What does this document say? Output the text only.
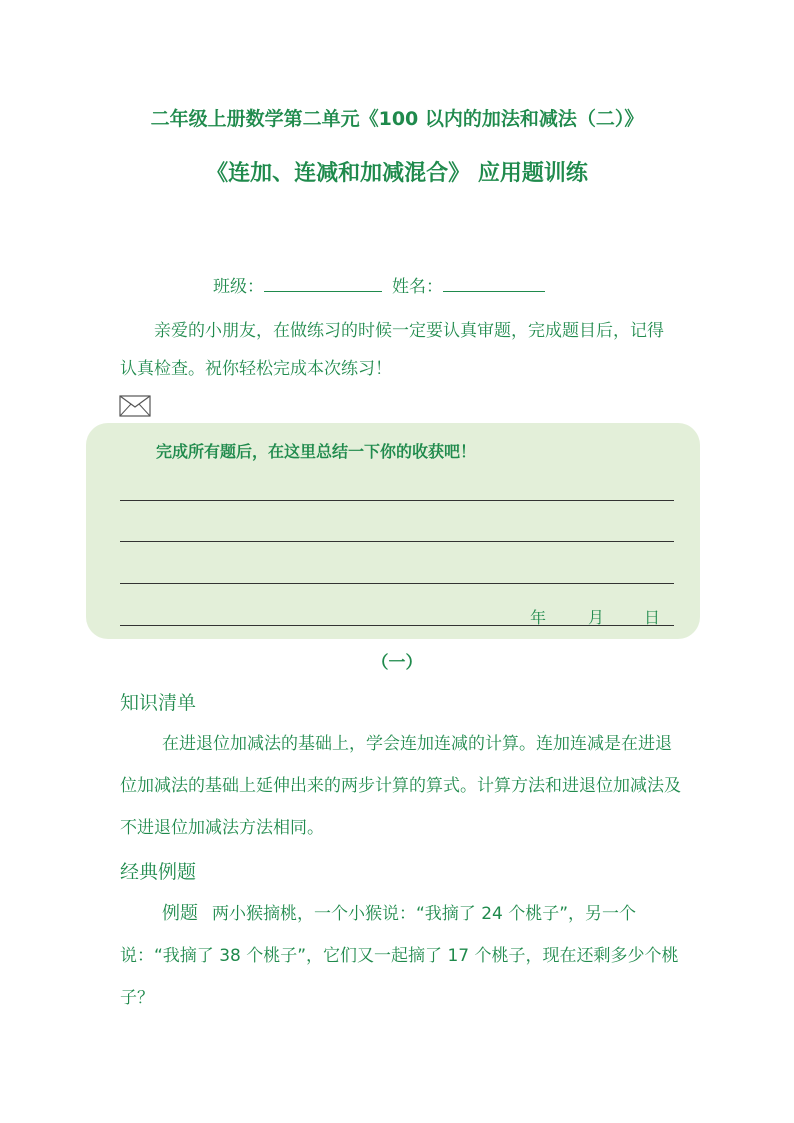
二年级上册数学第二单元《100 以内的加法和减法（二）》
《连加、连减和加减混合》 应用题训练
班级：	姓名：
亲爱的小朋友，在做练习的时候一定要认真审题，完成题目后，记得认真检查。祝你轻松完成本次练习！
完成所有题后，在这里总结一下你的收获吧！
年	月 日
（一）
知识清单
在进退位加减法的基础上，学会连加连减的计算。连加连减是在进退位加减法的基础上延伸出来的两步计算的算式。计算方法和进退位加减法及不进退位加减法方法相同。
经典例题
例题 两小猴摘桃，一个小猴说：“我摘了 24 个桃子”，另一个说：“我摘了 38 个桃子”，它们又一起摘了 17 个桃子，现在还剩多少个桃子？
